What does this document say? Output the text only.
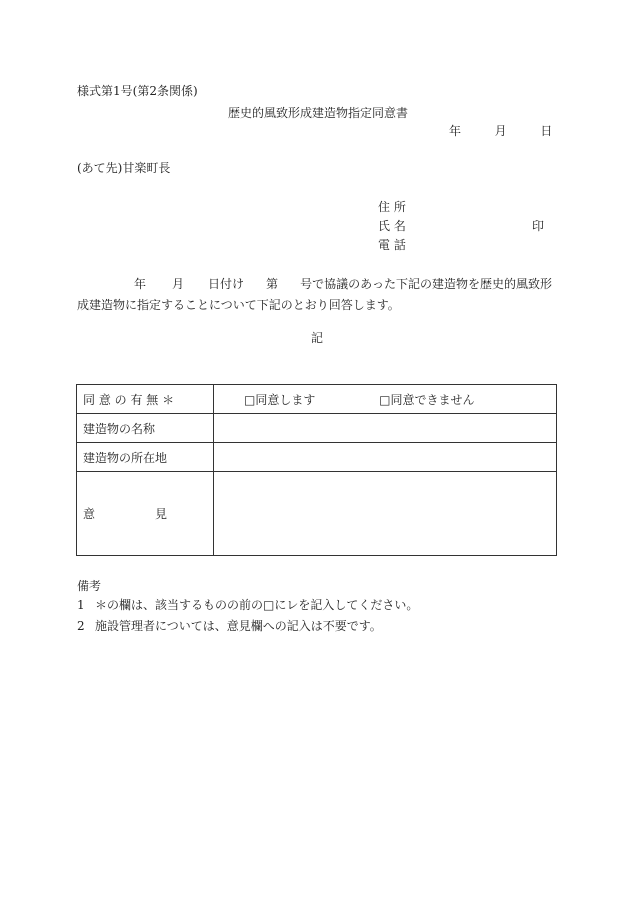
様式第1号(第2条関係)
歴史的風致形成建造物指定同意書
年	月	日
(あて先)甘楽町長
住 所
氏 名	印
電 話
年 月 日付け 第 号で協議のあった下記の建造物を歴史的風致形成建造物に指定することについて下記のとおり回答します。
記
同 意 の 有 無 ＊	□同意します □同意できません
建造物の名称	
建造物の所在地	

意 見	

備考
1 ＊の欄は、該当するものの前の□にレを記入してください。
2 施設管理者については、意見欄への記入は不要です。
